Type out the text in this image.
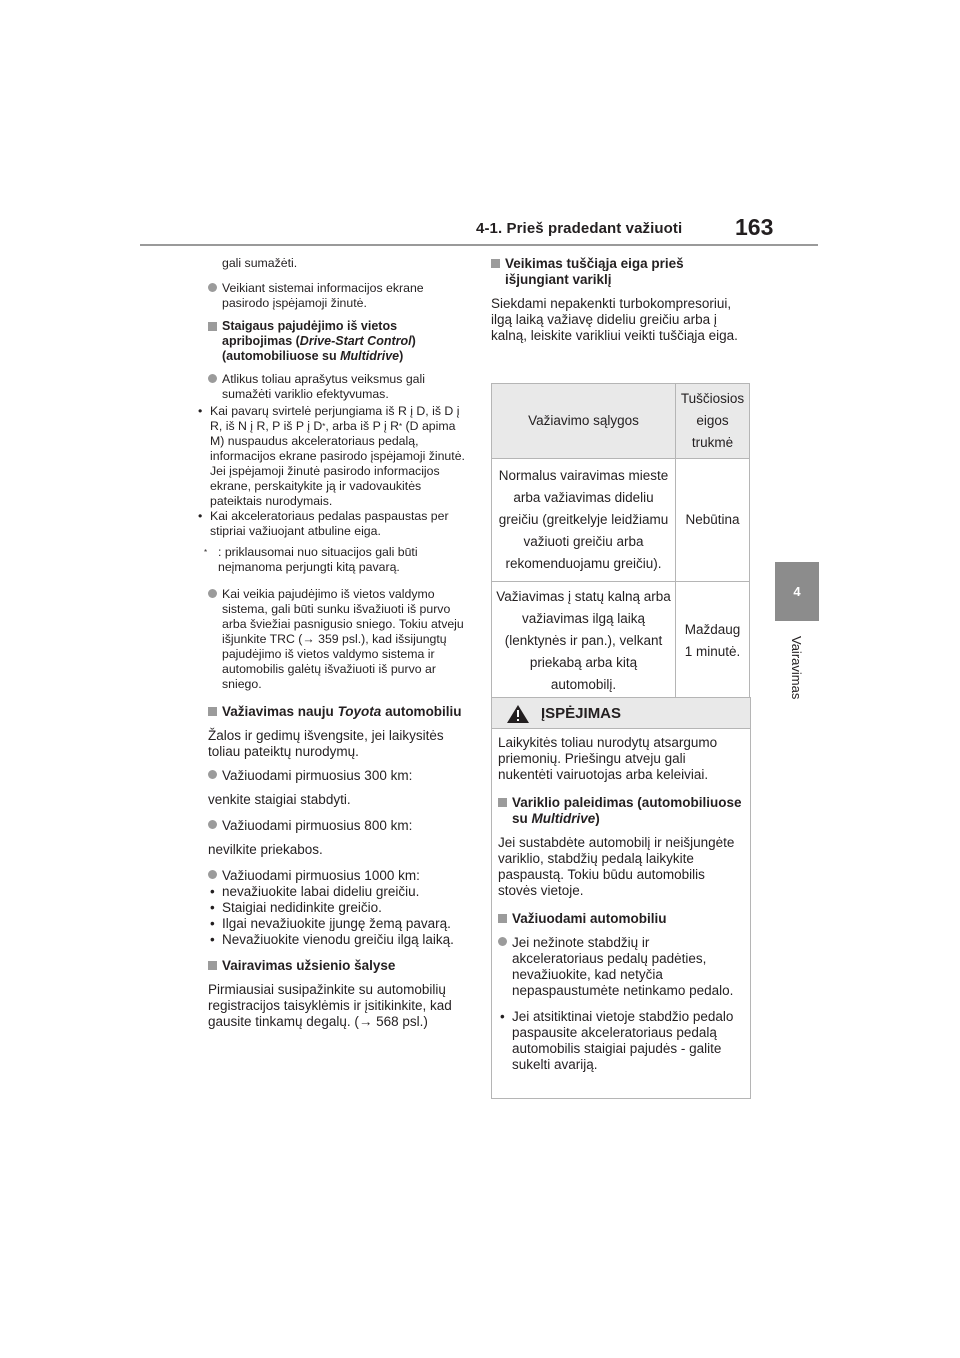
4-1. Prieš pradedant važiuoti 163
4
Vairavimas
gali sumažėti.
Veikiant sistemai informacijos ekrane pasirodo įspėjamoji žinutė.
Staigaus pajudėjimo iš vietos apribojimas (Drive-Start Control) (automobiliuose su Multidrive)
Atlikus toliau aprašytus veiksmus gali sumažėti variklio efektyvumas.
• Kai pavarų svirtelė perjungiama iš R į D, iš D į R, iš N į R, P iš P į D*, arba iš P į R* (D apima M) nuspaudus akceleratoriaus pedalą, informacijos ekrane pasirodo įspėjamoji žinutė. Jei įspėjamoji žinutė pasirodo informacijos ekrane, perskaitykite ją ir vadovaukitės pateiktais nurodymais.
• Kai akceleratoriaus pedalas paspaustas per stipriai važiuojant atbuline eiga.
* : priklausomai nuo situacijos gali būti neįmanoma perjungti kitą pavarą.
Kai veikia pajudėjimo iš vietos valdymo sistema, gali būti sunku išvažiuoti iš purvo arba šviežiai pasnigusio sniego. Tokiu atveju išjunkite TRC (→ 359 psl.), kad išsijungtų pajudėjimo iš vietos valdymo sistema ir automobilis galėtų išvažiuoti iš purvo ar sniego.
Važiavimas nauju Toyota automobiliu
Žalos ir gedimų išvengsite, jei laikysitės toliau pateiktų nurodymų.
Važiuodami pirmuosius 300 km:
venkite staigiai stabdyti.
Važiuodami pirmuosius 800 km:
nevilkite priekabos.
Važiuodami pirmuosius 1000 km:
• nevažiuokite labai dideliu greičiu.
• Staigiai nedidinkite greičio.
• Ilgai nevažiuokite įjungę žemą pavarą.
• Nevažiuokite vienodu greičiu ilgą laiką.
Vairavimas užsienio šalyse
Pirmiausiai susipažinkite su automobilių registracijos taisyklėmis ir įsitikinkite, kad gausite tinkamų degalų. (→ 568 psl.)
Veikimas tuščiąja eiga prieš išjungiant variklį
Siekdami nepakenkti turbokompresoriui, ilgą laiką važiavę dideliu greičiu arba į kalną, leiskite varikliui veikti tuščiąja eiga.
Važiavimo sąlygos	Tuščiosios eigos trukmė
Normalus vairavimas mieste arba važiavimas dideliu greičiu (greitkelyje leidžiamu važiuoti greičiu arba rekomenduojamu greičiu).	Nebūtina
Važiavimas į statų kalną arba važiavimas ilgą laiką (lenktynės ir pan.), velkant priekabą arba kitą automobilį.	Maždaug 1 minutė.
ĮSPĖJIMAS
Laikykitės toliau nurodytų atsargumo priemonių. Priešingu atveju gali nukentėti vairuotojas arba keleiviai.
Variklio paleidimas (automobiliuose su Multidrive)
Jei sustabdėte automobilį ir neišjungėte variklio, stabdžių pedalą laikykite paspaustą. Tokiu būdu automobilis stovės vietoje.
Važiuodami automobiliu
Jei nežinote stabdžių ir akceleratoriaus pedalų padėties, nevažiuokite, kad netyčia nepaspaustumėte netinkamo pedalo.
• Jei atsitiktinai vietoje stabdžio pedalo paspausite akceleratoriaus pedalą automobilis staigiai pajudės - galite sukelti avariją.
